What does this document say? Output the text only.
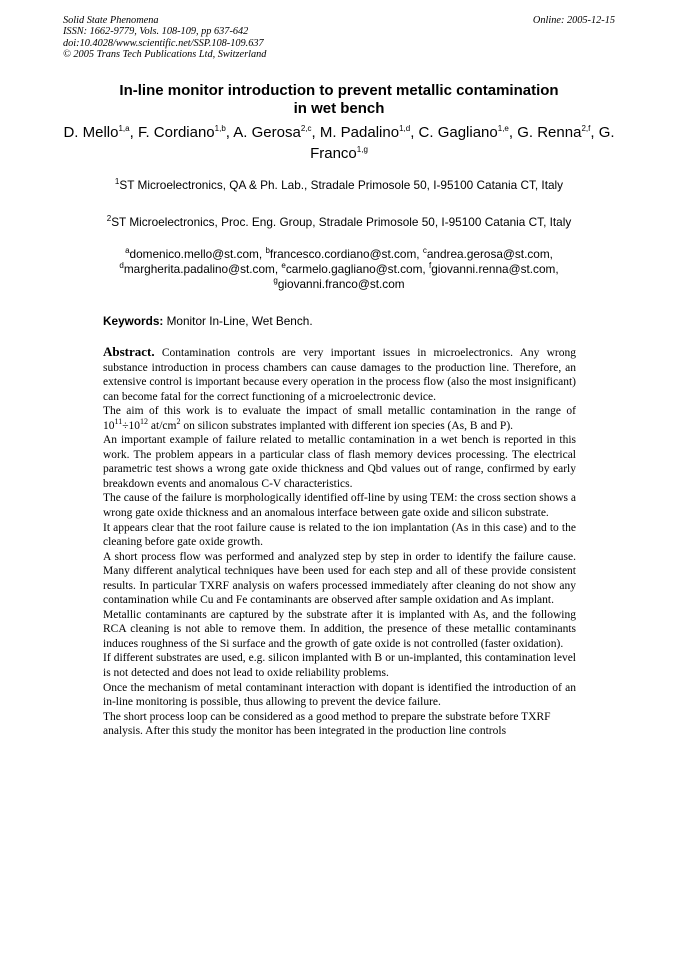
Solid State Phenomena
ISSN: 1662-9779, Vols. 108-109, pp 637-642
doi:10.4028/www.scientific.net/SSP.108-109.637
© 2005 Trans Tech Publications Ltd, Switzerland
Online: 2005-12-15
In-line monitor introduction to prevent metallic contamination
in wet bench
D. Mello$^{1,a}$, F. Cordiano$^{1,b}$, A. Gerosa$^{2,c}$, M. Padalino$^{1,d}$, C. Gagliano$^{1,e}$, G. Renna$^{2,f}$, G. Franco$^{1,g}$
$^1$ST Microelectronics, QA & Ph. Lab., Stradale Primosole 50, I-95100 Catania CT, Italy
$^2$ST Microelectronics, Proc. Eng. Group, Stradale Primosole 50, I-95100 Catania CT, Italy
$^a$domenico.mello@st.com, $^b$francesco.cordiano@st.com, $^c$andrea.gerosa@st.com, $^d$margherita.padalino@st.com, $^e$carmelo.gagliano@st.com, $^f$giovanni.renna@st.com, $^g$giovanni.franco@st.com
Keywords: Monitor In-Line, Wet Bench.

Abstract. Contamination controls are very important issues in microelectronics. Any wrong substance introduction in process chambers can cause damages to the production line. Therefore, an extensive control is important because every operation in the process flow (also the most insignificant) can become fatal for the correct functioning of a microelectronic device.

The aim of this work is to evaluate the impact of small metallic contamination in the range of $10^{11}\div 10^{12}$ $at/cm^2$ on silicon substrates implanted with different ion species (As, B and P).

An important example of failure related to metallic contamination in a wet bench is reported in this work. The problem appears in a particular class of flash memory devices processing. The electrical parametric test shows a wrong gate oxide thickness and Qbd values out of range, confirmed by early breakdown events and anomalous C-V characteristics.

The cause of the failure is morphologically identified off-line by using TEM: the cross section shows a wrong gate oxide thickness and an anomalous interface between gate oxide and silicon substrate.

It appears clear that the root failure cause is related to the ion implantation (As in this case) and to the cleaning before gate oxide growth.

A short process flow was performed and analyzed step by step in order to identify the failure cause. Many different analytical techniques have been used for each step and all of these provide consistent results. In particular TXRF analysis on wafers processed immediately after cleaning do not show any contamination while Cu and Fe contaminants are observed after sample oxidation and As implant.

Metallic contaminants are captured by the substrate after it is implanted with As, and the following RCA cleaning is not able to remove them. In addition, the presence of these metallic contaminants induces roughness of the Si surface and the growth of gate oxide is not controlled (faster oxidation).

If different substrates are used, e.g. silicon implanted with B or un-implanted, this contamination level is not detected and does not lead to oxide reliability problems.

Once the mechanism of metal contaminant interaction with dopant is identified the introduction of an in-line monitoring is possible, thus allowing to prevent the device failure.

The short process loop can be considered as a good method to prepare the substrate before TXRF analysis. After this study the monitor has been integrated in the production line controls
